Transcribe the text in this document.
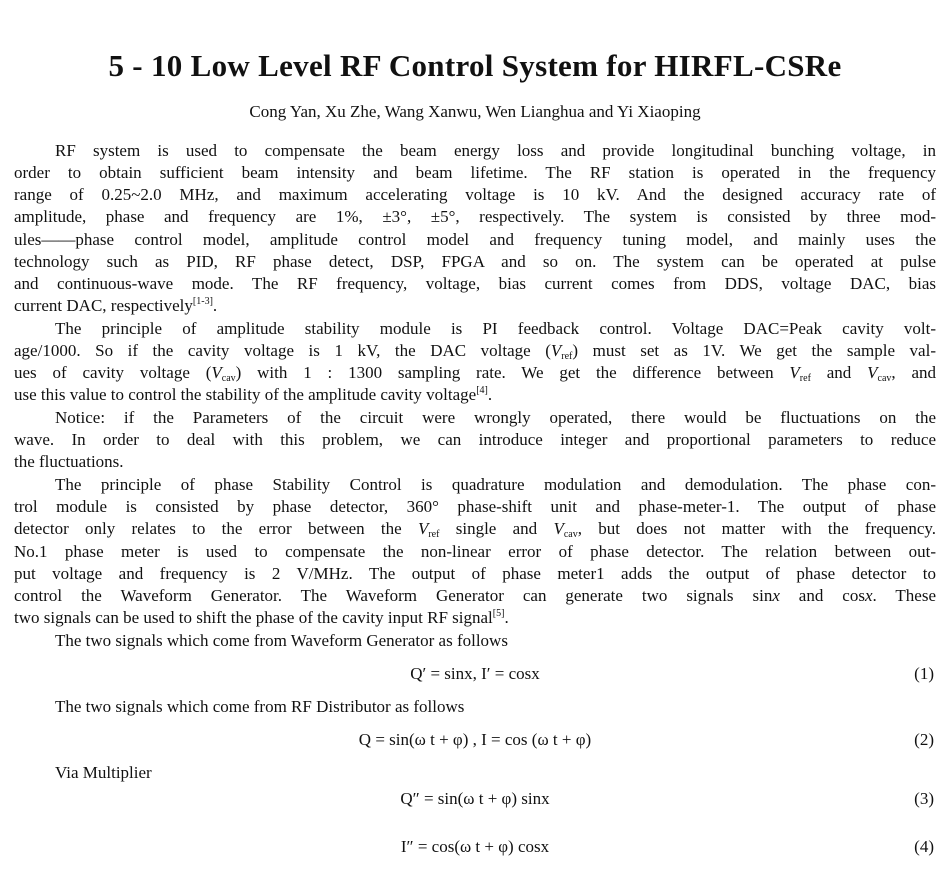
5 - 10 Low Level RF Control System for HIRFL-CSRe
Cong Yan, Xu Zhe, Wang Xanwu, Wen Lianghua and Yi Xiaoping
RF system is used to compensate the beam energy loss and provide longitudinal bunching voltage, in
order to obtain sufficient beam intensity and beam lifetime. The RF station is operated in the frequency
range of 0.25~2.0 MHz, and maximum accelerating voltage is 10 kV. And the designed accuracy rate of
amplitude, phase and frequency are 1%, ±3°, ±5°, respectively. The system is consisted by three mod-
ules——phase control model, amplitude control model and frequency tuning model, and mainly uses the
technology such as PID, RF phase detect, DSP, FPGA and so on. The system can be operated at pulse
and continuous-wave mode. The RF frequency, voltage, bias current comes from DDS, voltage DAC, bias
current DAC, respectively[1-3].
The principle of amplitude stability module is PI feedback control. Voltage DAC=Peak cavity volt-
age/1000. So if the cavity voltage is 1 kV, the DAC voltage $(V_{ref})$ must set as 1V. We get the sample val-
ues of cavity voltage $(V_{cav})$ with 1 : 1300 sampling rate. We get the difference between $V_{ref}$ and $V_{cav}$, and
use this value to control the stability of the amplitude cavity voltage[4].
Notice: if the Parameters of the circuit were wrongly operated, there would be fluctuations on the
wave. In order to deal with this problem, we can introduce integer and proportional parameters to reduce
the fluctuations.
The principle of phase Stability Control is quadrature modulation and demodulation. The phase con-
trol module is consisted by phase detector, 360° phase-shift unit and phase-meter-1. The output of phase
detector only relates to the error between the $V_{ref}$ single and $V_{cav}$, but does not matter with the frequency.
No.1 phase meter is used to compensate the non-linear error of phase detector. The relation between out-
put voltage and frequency is 2 V/MHz. The output of phase meter1 adds the output of phase detector to
control the Waveform Generator. The Waveform Generator can generate two signals sinx and cosx. These
two signals can be used to shift the phase of the cavity input RF signal[5].
The two signals which come from Waveform Generator as follows
Q′ = sinx, I′ = cosx	(1)
The two signals which come from RF Distributor as follows
Q = sin(ω t + φ) , I = cos (ω t + φ)	(2)
Via Multiplier
Q″ = sin(ω t + φ) sinx	(3)
I″ = cos(ω t + φ) cosx	(4)
